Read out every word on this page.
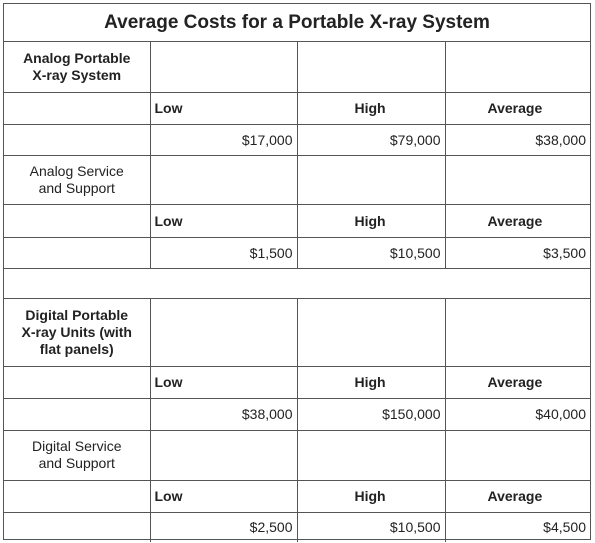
Average Costs for a Portable X-ray System
Analog Portable
X-ray System			

	Low	High	Average
	$17,000	$79,000	$38,000

Analog Service
and Support			

	Low	High	Average
	$1,500	$10,500	$3,500

Digital Portable
X-ray Units (with
flat panels)			

	Low	High	Average
	$38,000	$150,000	$40,000

Digital Service
and Support			

	Low	High	Average
	$2,500	$10,500	$4,500
